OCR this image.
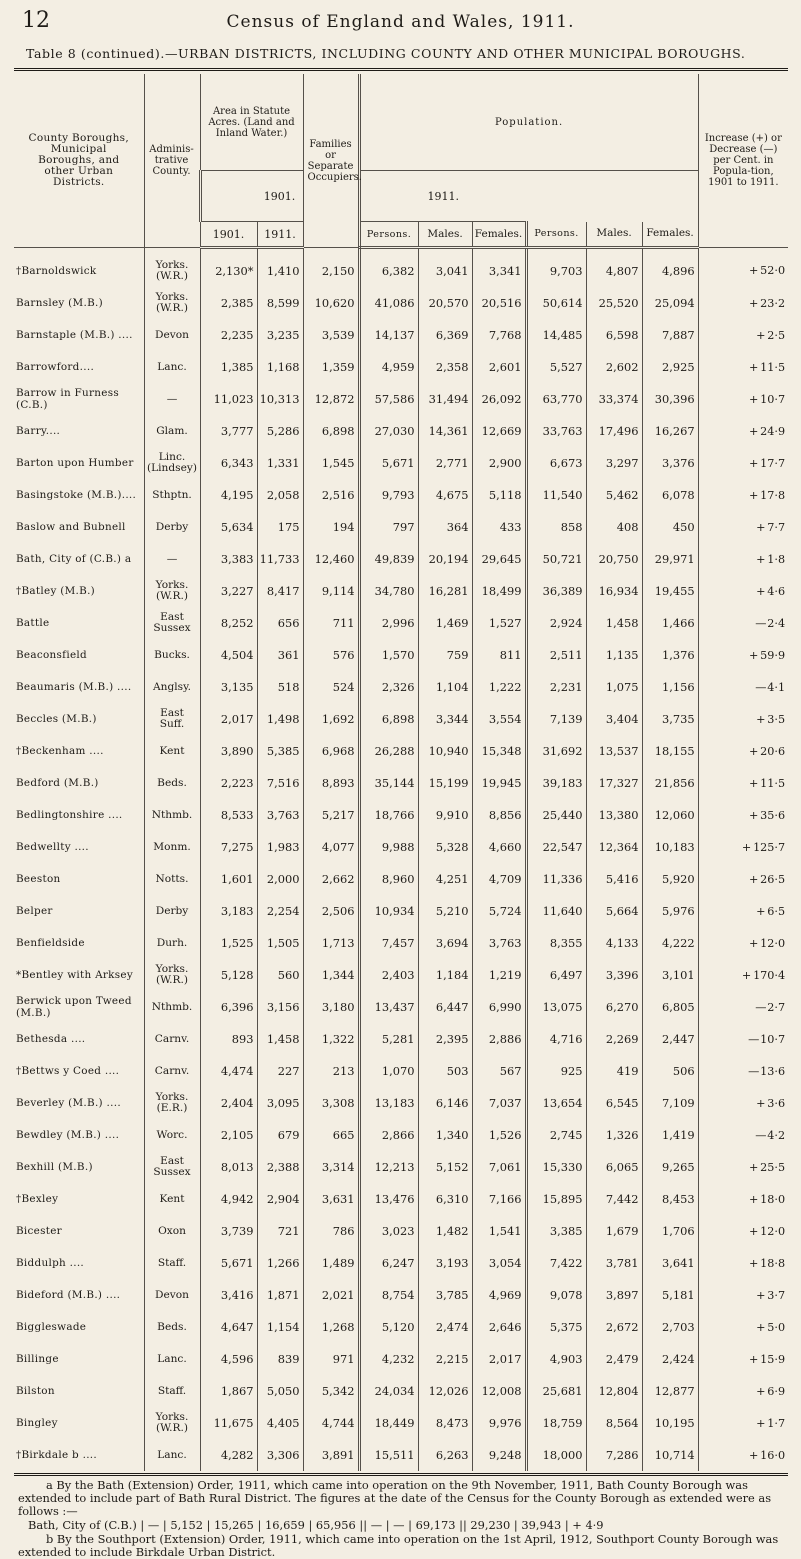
12	Census of England and Wales, 1911.
Table 8 (continued).—URBAN DISTRICTS, INCLUDING COUNTY AND OTHER MUNICIPAL BOROUGHS.
County Boroughs, Municipal Boroughs, and other Urban Districts.	Adminis-trative County.	Area in Statute Acres. (Land and Inland Water.)		Families or Separate Occupiers.	Population.						Increase (+) or Decrease (—) per Cent. in Popula-tion, 1901 to 1911.
		1901.			1911.						
		1901.	1911.		Persons.	Males.	Females.	Persons.	Males.	Females.	
†Barnoldswick	Yorks. (W.R.)	2,130*	1,410	2,150	6,382	3,041	3,341	9,703	4,807	4,896	+ 52·0
Barnsley (M.B.)	Yorks. (W.R.)	2,385	8,599	10,620	41,086	20,570	20,516	50,614	25,520	25,094	+ 23·2
Barnstaple (M.B.) ....	Devon	2,235	3,235	3,539	14,137	6,369	7,768	14,485	6,598	7,887	+ 2·5
Barrowford....	Lanc.	1,385	1,168	1,359	4,959	2,358	2,601	5,527	2,602	2,925	+ 11·5
Barrow in Furness (C.B.)	—	11,023	10,313	12,872	57,586	31,494	26,092	63,770	33,374	30,396	+ 10·7
Barry....	Glam.	3,777	5,286	6,898	27,030	14,361	12,669	33,763	17,496	16,267	+ 24·9
Barton upon Humber	Linc. (Lindsey)	6,343	1,331	1,545	5,671	2,771	2,900	6,673	3,297	3,376	+ 17·7
Basingstoke (M.B.)....	Sthptn.	4,195	2,058	2,516	9,793	4,675	5,118	11,540	5,462	6,078	+ 17·8
Baslow and Bubnell	Derby	5,634	175	194	797	364	433	858	408	450	+ 7·7
Bath, City of (C.B.) a	—	3,383	11,733	12,460	49,839	20,194	29,645	50,721	20,750	29,971	+ 1·8
†Batley (M.B.)	Yorks. (W.R.)	3,227	8,417	9,114	34,780	16,281	18,499	36,389	16,934	19,455	+ 4·6
Battle	East Sussex	8,252	656	711	2,996	1,469	1,527	2,924	1,458	1,466	—2·4
Beaconsfield	Bucks.	4,504	361	576	1,570	759	811	2,511	1,135	1,376	+ 59·9
Beaumaris (M.B.) ....	Anglsy.	3,135	518	524	2,326	1,104	1,222	2,231	1,075	1,156	—4·1
Beccles (M.B.)	East Suff.	2,017	1,498	1,692	6,898	3,344	3,554	7,139	3,404	3,735	+ 3·5
†Beckenham ....	Kent	3,890	5,385	6,968	26,288	10,940	15,348	31,692	13,537	18,155	+ 20·6
Bedford (M.B.)	Beds.	2,223	7,516	8,893	35,144	15,199	19,945	39,183	17,327	21,856	+ 11·5
Bedlingtonshire ....	Nthmb.	8,533	3,763	5,217	18,766	9,910	8,856	25,440	13,380	12,060	+ 35·6
Bedwellty ....	Monm.	7,275	1,983	4,077	9,988	5,328	4,660	22,547	12,364	10,183	+ 125·7
Beeston	Notts.	1,601	2,000	2,662	8,960	4,251	4,709	11,336	5,416	5,920	+ 26·5
Belper	Derby	3,183	2,254	2,506	10,934	5,210	5,724	11,640	5,664	5,976	+ 6·5
Benfieldside	Durh.	1,525	1,505	1,713	7,457	3,694	3,763	8,355	4,133	4,222	+ 12·0
*Bentley with Arksey	Yorks. (W.R.)	5,128	560	1,344	2,403	1,184	1,219	6,497	3,396	3,101	+ 170·4
Berwick upon Tweed (M.B.)	Nthmb.	6,396	3,156	3,180	13,437	6,447	6,990	13,075	6,270	6,805	—2·7
Bethesda ....	Carnv.	893	1,458	1,322	5,281	2,395	2,886	4,716	2,269	2,447	—10·7
†Bettws y Coed ....	Carnv.	4,474	227	213	1,070	503	567	925	419	506	—13·6
Beverley (M.B.) ....	Yorks. (E.R.)	2,404	3,095	3,308	13,183	6,146	7,037	13,654	6,545	7,109	+ 3·6
Bewdley (M.B.) ....	Worc.	2,105	679	665	2,866	1,340	1,526	2,745	1,326	1,419	—4·2
Bexhill (M.B.)	East Sussex	8,013	2,388	3,314	12,213	5,152	7,061	15,330	6,065	9,265	+ 25·5
†Bexley	Kent	4,942	2,904	3,631	13,476	6,310	7,166	15,895	7,442	8,453	+ 18·0
Bicester	Oxon	3,739	721	786	3,023	1,482	1,541	3,385	1,679	1,706	+ 12·0
Biddulph ....	Staff.	5,671	1,266	1,489	6,247	3,193	3,054	7,422	3,781	3,641	+ 18·8
Bideford (M.B.) ....	Devon	3,416	1,871	2,021	8,754	3,785	4,969	9,078	3,897	5,181	+ 3·7
Biggleswade	Beds.	4,647	1,154	1,268	5,120	2,474	2,646	5,375	2,672	2,703	+ 5·0
Billinge	Lanc.	4,596	839	971	4,232	2,215	2,017	4,903	2,479	2,424	+ 15·9
Bilston	Staff.	1,867	5,050	5,342	24,034	12,026	12,008	25,681	12,804	12,877	+ 6·9
Bingley	Yorks. (W.R.)	11,675	4,405	4,744	18,449	8,473	9,976	18,759	8,564	10,195	+ 1·7
†Birkdale b ....	Lanc.	4,282	3,306	3,891	15,511	6,263	9,248	18,000	7,286	10,714	+ 16·0
a By the Bath (Extension) Order, 1911, which came into operation on the 9th November, 1911, Bath County Borough was extended to include part of Bath Rural District. The figures at the date of the Census for the County Borough as extended were as follows :—
Bath, City of (C.B.) | — | 5,152 | 15,265 | 16,659 | 65,956 || — | — | 69,173 || 29,230 | 39,943 | + 4·9
b By the Southport (Extension) Order, 1911, which came into operation on the 1st April, 1912, Southport County Borough was extended to include Birkdale Urban District.
